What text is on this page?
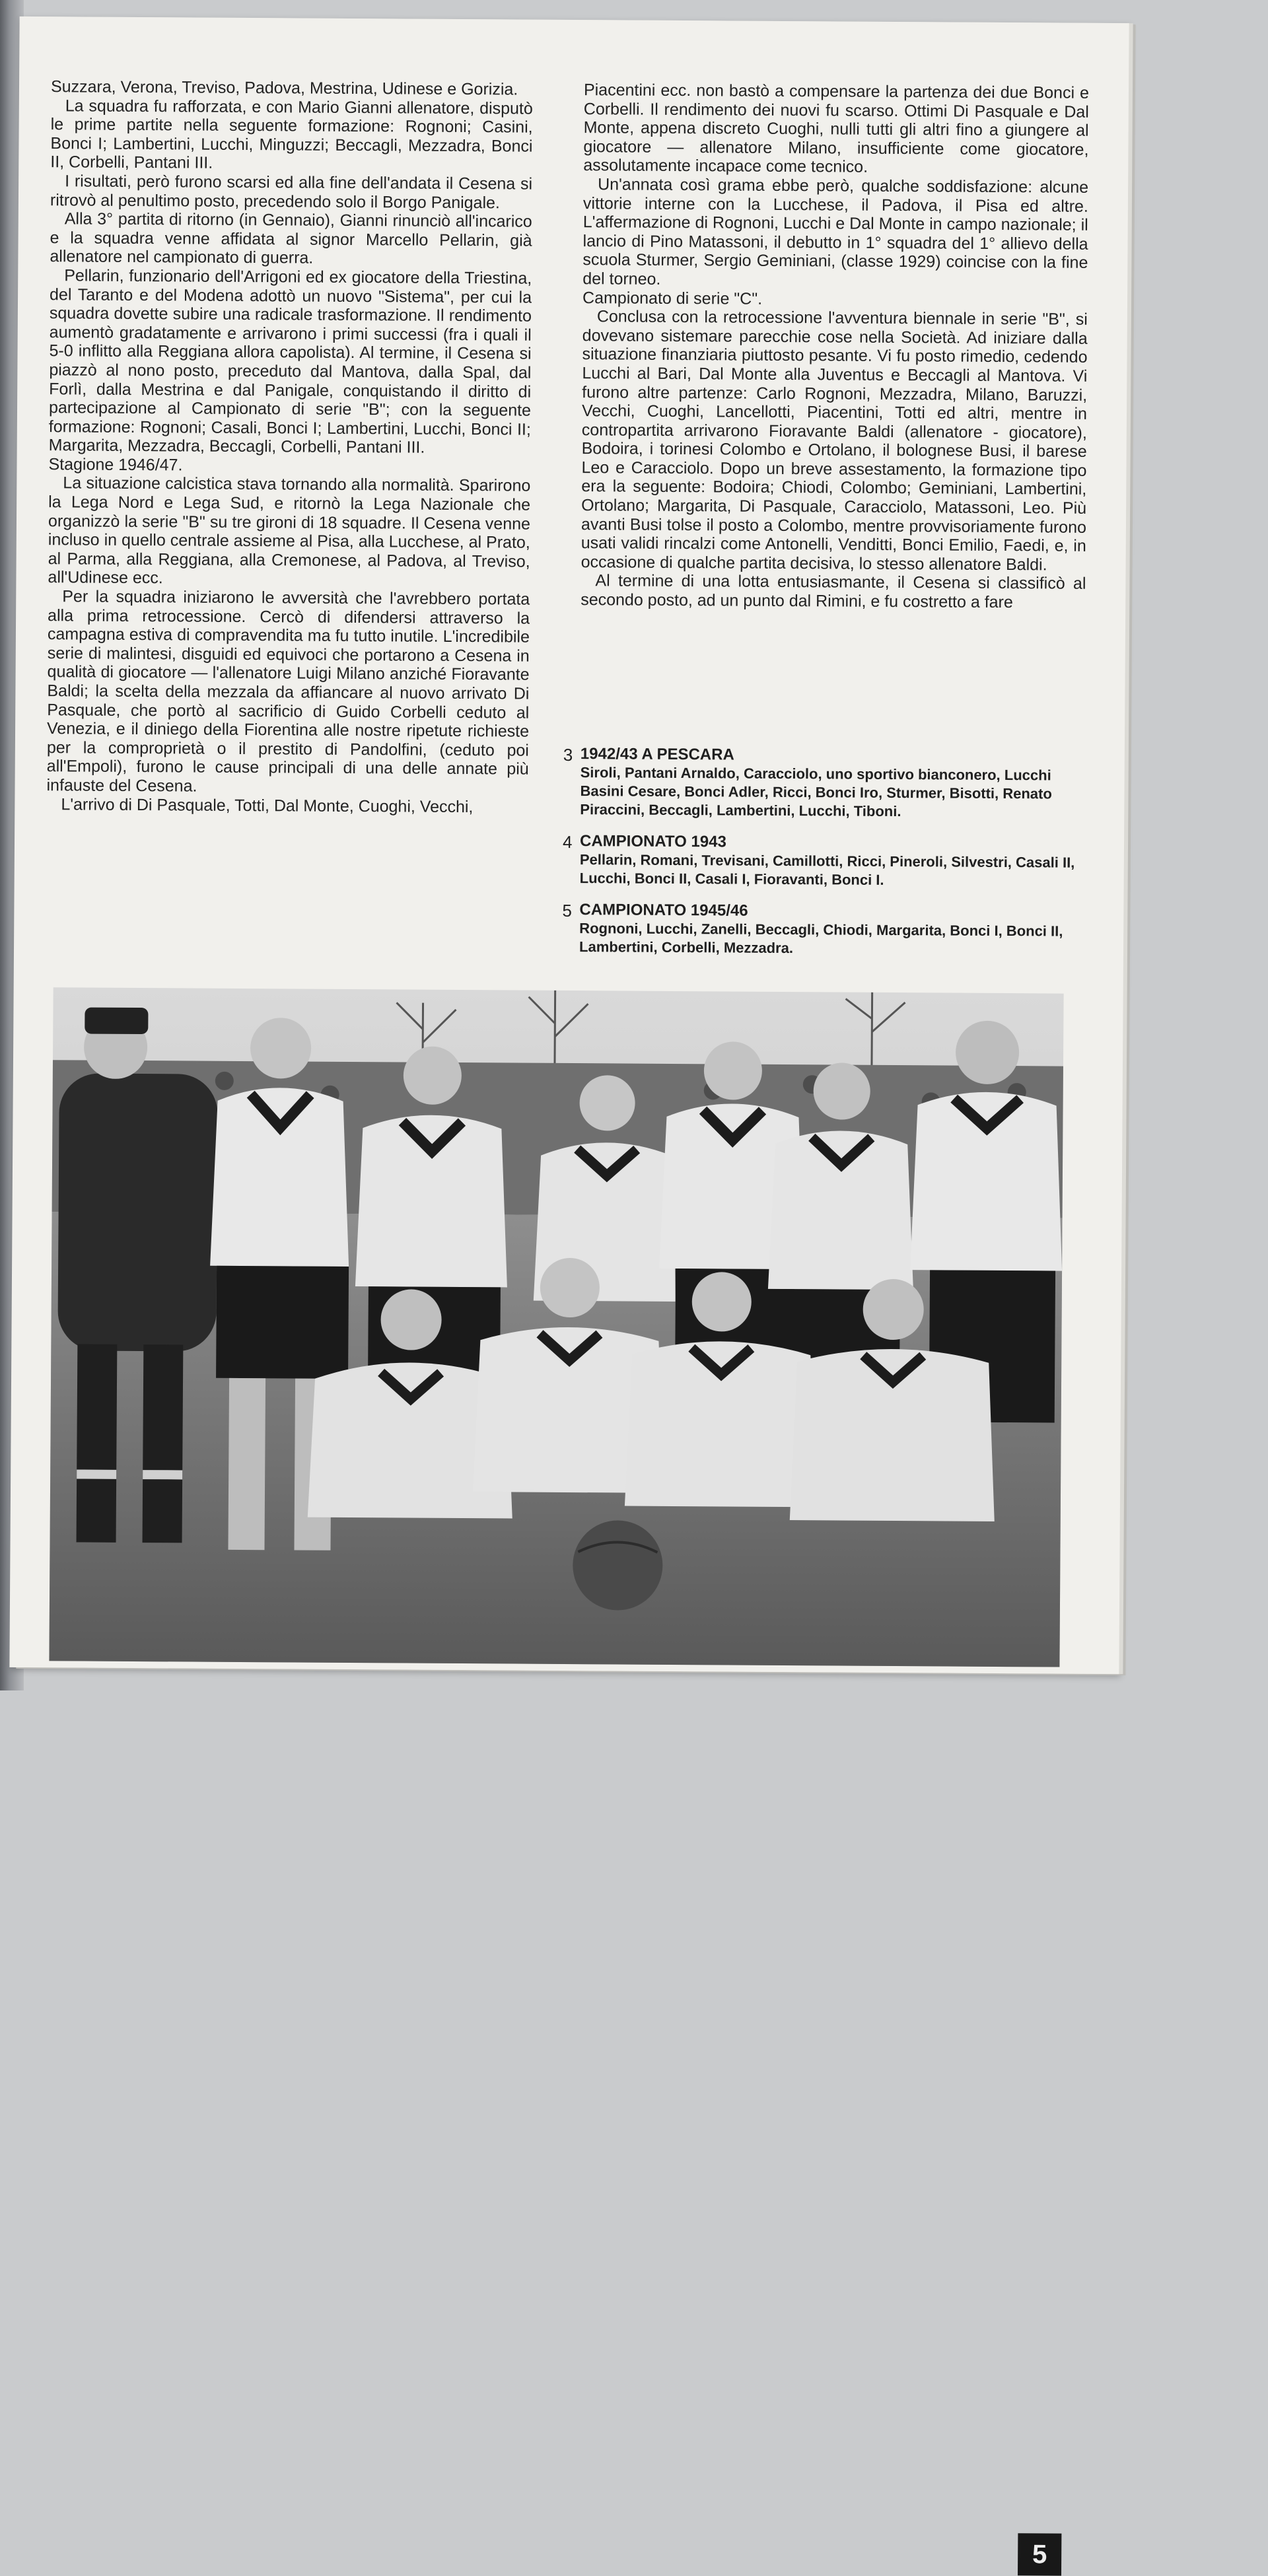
Suzzara, Verona, Treviso, Padova, Mestrina, Udinese e Gorizia.

La squadra fu rafforzata, e con Mario Gianni allenatore, disputò le prime partite nella seguente formazione: Rognoni; Casini, Bonci I; Lambertini, Lucchi, Minguzzi; Beccagli, Mezzadra, Bonci II, Corbelli, Pantani III.

I risultati, però furono scarsi ed alla fine dell'andata il Cesena si ritrovò al penultimo posto, precedendo solo il Borgo Panigale.

Alla 3° partita di ritorno (in Gennaio), Gianni rinunciò all'incarico e la squadra venne affidata al signor Marcello Pellarin, già allenatore nel campionato di guerra.

Pellarin, funzionario dell'Arrigoni ed ex giocatore della Triestina, del Taranto e del Modena adottò un nuovo "Sistema", per cui la squadra dovette subire una radicale trasformazione. Il rendimento aumentò gradatamente e arrivarono i primi successi (fra i quali il 5-0 inflitto alla Reggiana allora capolista). Al termine, il Cesena si piazzò al nono posto, preceduto dal Mantova, dalla Spal, dal Forlì, dalla Mestrina e dal Panigale, conquistando il diritto di partecipazione al Campionato di serie "B"; con la seguente formazione: Rognoni; Casali, Bonci I; Lambertini, Lucchi, Bonci II; Margarita, Mezzadra, Beccagli, Corbelli, Pantani III.

Stagione 1946/47.

La situazione calcistica stava tornando alla normalità. Sparirono la Lega Nord e Lega Sud, e ritornò la Lega Nazionale che organizzò la serie "B" su tre gironi di 18 squadre. Il Cesena venne incluso in quello centrale assieme al Pisa, alla Lucchese, al Prato, al Parma, alla Reggiana, alla Cremonese, al Padova, al Treviso, all'Udinese ecc.

Per la squadra iniziarono le avversità che l'avrebbero portata alla prima retrocessione. Cercò di difendersi attraverso la campagna estiva di compravendita ma fu tutto inutile. L'incredibile serie di malintesi, disguidi ed equivoci che portarono a Cesena in qualità di giocatore — l'allenatore Luigi Milano anziché Fioravante Baldi; la scelta della mezzala da affiancare al nuovo arrivato Di Pasquale, che portò al sacrificio di Guido Corbelli ceduto al Venezia, e il diniego della Fiorentina alle nostre ripetute richieste per la comproprietà o il prestito di Pandolfini, (ceduto poi all'Empoli), furono le cause principali di una delle annate più infauste del Cesena.

L'arrivo di Di Pasquale, Totti, Dal Monte, Cuoghi, Vecchi,

Piacentini ecc. non bastò a compensare la partenza dei due Bonci e Corbelli. Il rendimento dei nuovi fu scarso. Ottimi Di Pasquale e Dal Monte, appena discreto Cuoghi, nulli tutti gli altri fino a giungere al giocatore — allenatore Milano, insufficiente come giocatore, assolutamente incapace come tecnico.

Un'annata così grama ebbe però, qualche soddisfazione: alcune vittorie interne con la Lucchese, il Padova, il Pisa ed altre. L'affermazione di Rognoni, Lucchi e Dal Monte in campo nazionale; il lancio di Pino Matassoni, il debutto in 1° squadra del 1° allievo della scuola Sturmer, Sergio Geminiani, (classe 1929) coincise con la fine del torneo.

Campionato di serie "C".

Conclusa con la retrocessione l'avventura biennale in serie "B", si dovevano sistemare parecchie cose nella Società. Ad iniziare dalla situazione finanziaria piuttosto pesante. Vi fu posto rimedio, cedendo Lucchi al Bari, Dal Monte alla Juventus e Beccagli al Mantova. Vi furono altre partenze: Carlo Rognoni, Mezzadra, Milano, Baruzzi, Vecchi, Cuoghi, Lancellotti, Piacentini, Totti ed altri, mentre in contropartita arrivarono Fioravante Baldi (allenatore - giocatore), Bodoira, i torinesi Colombo e Ortolano, il bolognese Busi, il barese Leo e Caracciolo. Dopo un breve assestamento, la formazione tipo era la seguente: Bodoira; Chiodi, Colombo; Geminiani, Lambertini, Ortolano; Margarita, Di Pasquale, Caracciolo, Matassoni, Leo. Più avanti Busi tolse il posto a Colombo, mentre provvisoriamente furono usati validi rincalzi come Antonelli, Venditti, Bonci Emilio, Faedi, e, in occasione di qualche partita decisiva, lo stesso allenatore Baldi.

Al termine di una lotta entusiasmante, il Cesena si classificò al secondo posto, ad un punto dal Rimini, e fu costretto a fare

3 1942/43 A PESCARA
Siroli, Pantani Arnaldo, Caracciolo, uno sportivo bianconero, Lucchi Basini Cesare, Bonci Adler, Ricci, Bonci Iro, Sturmer, Bisotti, Renato Piraccini, Beccagli, Lambertini, Lucchi, Tiboni.
4 CAMPIONATO 1943
Pellarin, Romani, Trevisani, Camillotti, Ricci, Pineroli, Silvestri, Casali II, Lucchi, Bonci II, Casali I, Fioravanti, Bonci I.
5 CAMPIONATO 1945/46
Rognoni, Lucchi, Zanelli, Beccagli, Chiodi, Margarita, Bonci I, Bonci II, Lambertini, Corbelli, Mezzadra.
5
